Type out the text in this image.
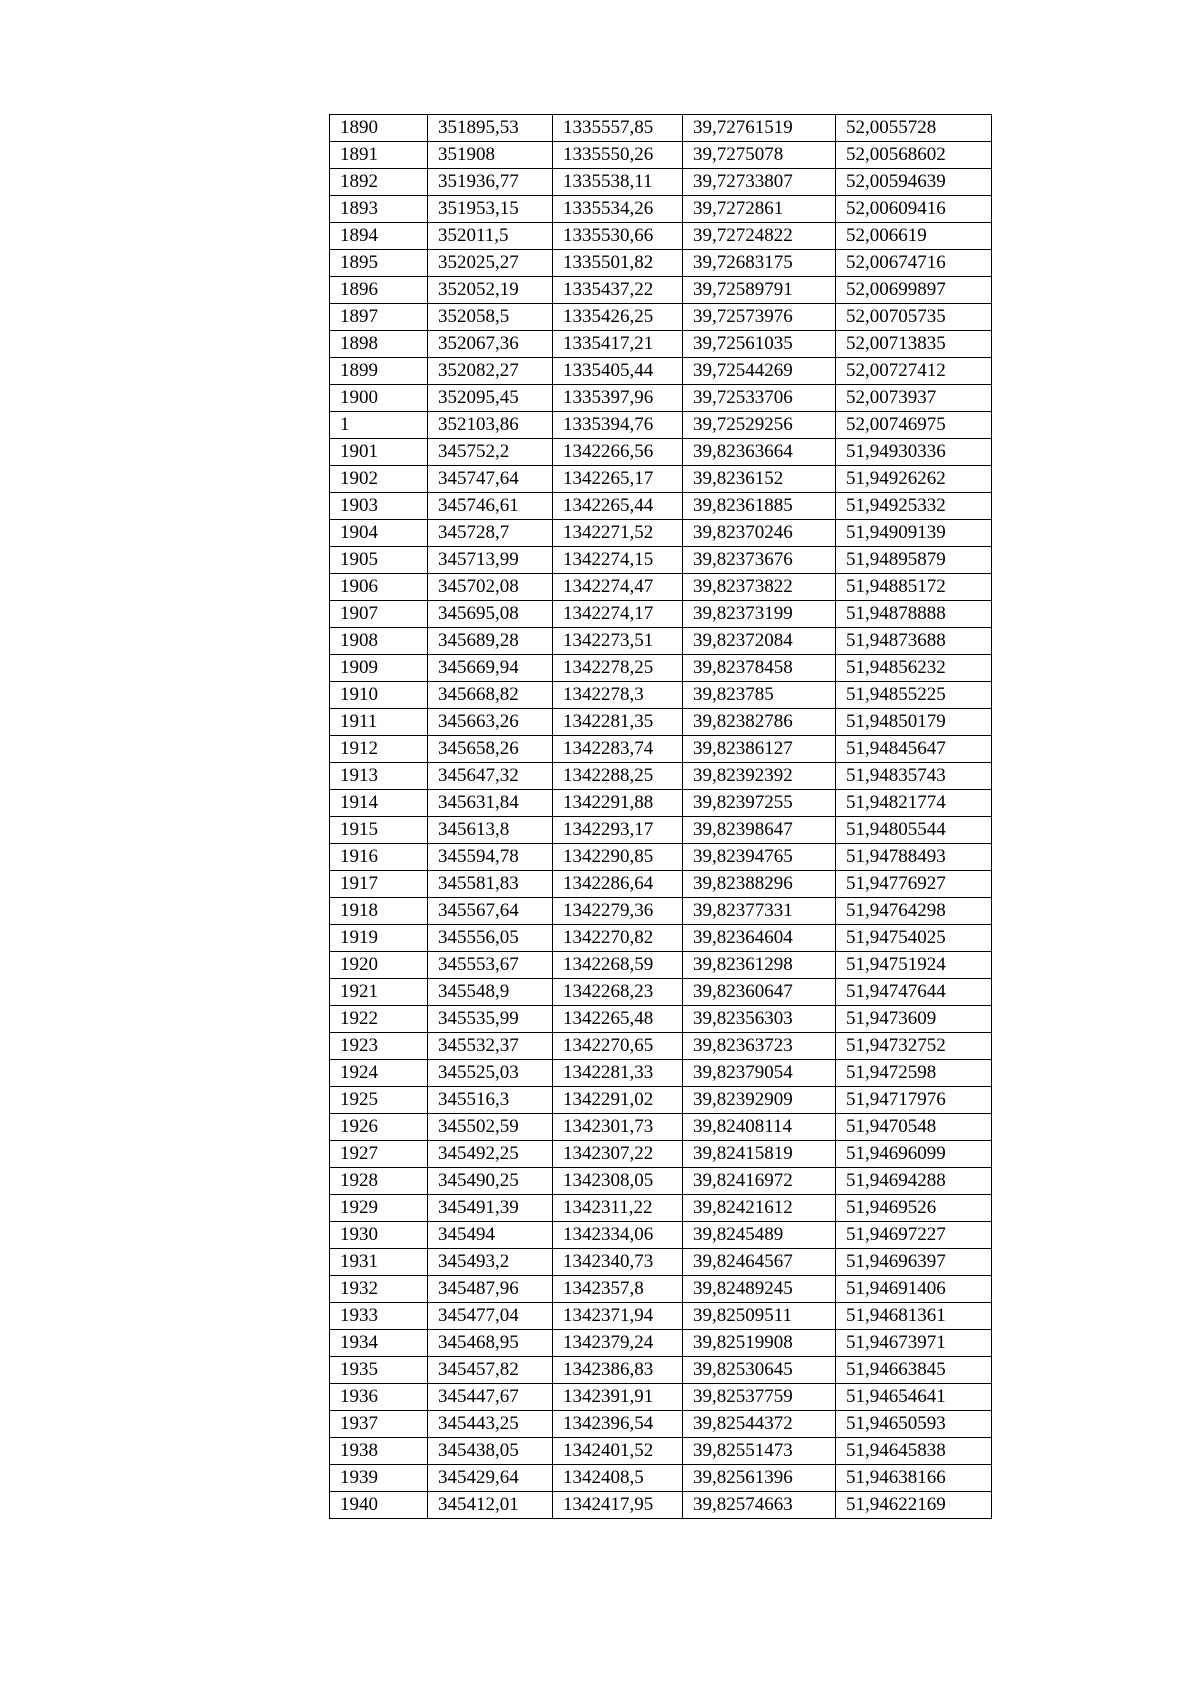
1890	351895,53	1335557,85	39,72761519	52,0055728
1891	351908	1335550,26	39,7275078	52,00568602
1892	351936,77	1335538,11	39,72733807	52,00594639
1893	351953,15	1335534,26	39,7272861	52,00609416
1894	352011,5	1335530,66	39,72724822	52,006619
1895	352025,27	1335501,82	39,72683175	52,00674716
1896	352052,19	1335437,22	39,72589791	52,00699897
1897	352058,5	1335426,25	39,72573976	52,00705735
1898	352067,36	1335417,21	39,72561035	52,00713835
1899	352082,27	1335405,44	39,72544269	52,00727412
1900	352095,45	1335397,96	39,72533706	52,0073937
1	352103,86	1335394,76	39,72529256	52,00746975
1901	345752,2	1342266,56	39,82363664	51,94930336
1902	345747,64	1342265,17	39,8236152	51,94926262
1903	345746,61	1342265,44	39,82361885	51,94925332
1904	345728,7	1342271,52	39,82370246	51,94909139
1905	345713,99	1342274,15	39,82373676	51,94895879
1906	345702,08	1342274,47	39,82373822	51,94885172
1907	345695,08	1342274,17	39,82373199	51,94878888
1908	345689,28	1342273,51	39,82372084	51,94873688
1909	345669,94	1342278,25	39,82378458	51,94856232
1910	345668,82	1342278,3	39,823785	51,94855225
1911	345663,26	1342281,35	39,82382786	51,94850179
1912	345658,26	1342283,74	39,82386127	51,94845647
1913	345647,32	1342288,25	39,82392392	51,94835743
1914	345631,84	1342291,88	39,82397255	51,94821774
1915	345613,8	1342293,17	39,82398647	51,94805544
1916	345594,78	1342290,85	39,82394765	51,94788493
1917	345581,83	1342286,64	39,82388296	51,94776927
1918	345567,64	1342279,36	39,82377331	51,94764298
1919	345556,05	1342270,82	39,82364604	51,94754025
1920	345553,67	1342268,59	39,82361298	51,94751924
1921	345548,9	1342268,23	39,82360647	51,94747644
1922	345535,99	1342265,48	39,82356303	51,9473609
1923	345532,37	1342270,65	39,82363723	51,94732752
1924	345525,03	1342281,33	39,82379054	51,9472598
1925	345516,3	1342291,02	39,82392909	51,94717976
1926	345502,59	1342301,73	39,82408114	51,9470548
1927	345492,25	1342307,22	39,82415819	51,94696099
1928	345490,25	1342308,05	39,82416972	51,94694288
1929	345491,39	1342311,22	39,82421612	51,9469526
1930	345494	1342334,06	39,8245489	51,94697227
1931	345493,2	1342340,73	39,82464567	51,94696397
1932	345487,96	1342357,8	39,82489245	51,94691406
1933	345477,04	1342371,94	39,82509511	51,94681361
1934	345468,95	1342379,24	39,82519908	51,94673971
1935	345457,82	1342386,83	39,82530645	51,94663845
1936	345447,67	1342391,91	39,82537759	51,94654641
1937	345443,25	1342396,54	39,82544372	51,94650593
1938	345438,05	1342401,52	39,82551473	51,94645838
1939	345429,64	1342408,5	39,82561396	51,94638166
1940	345412,01	1342417,95	39,82574663	51,94622169
